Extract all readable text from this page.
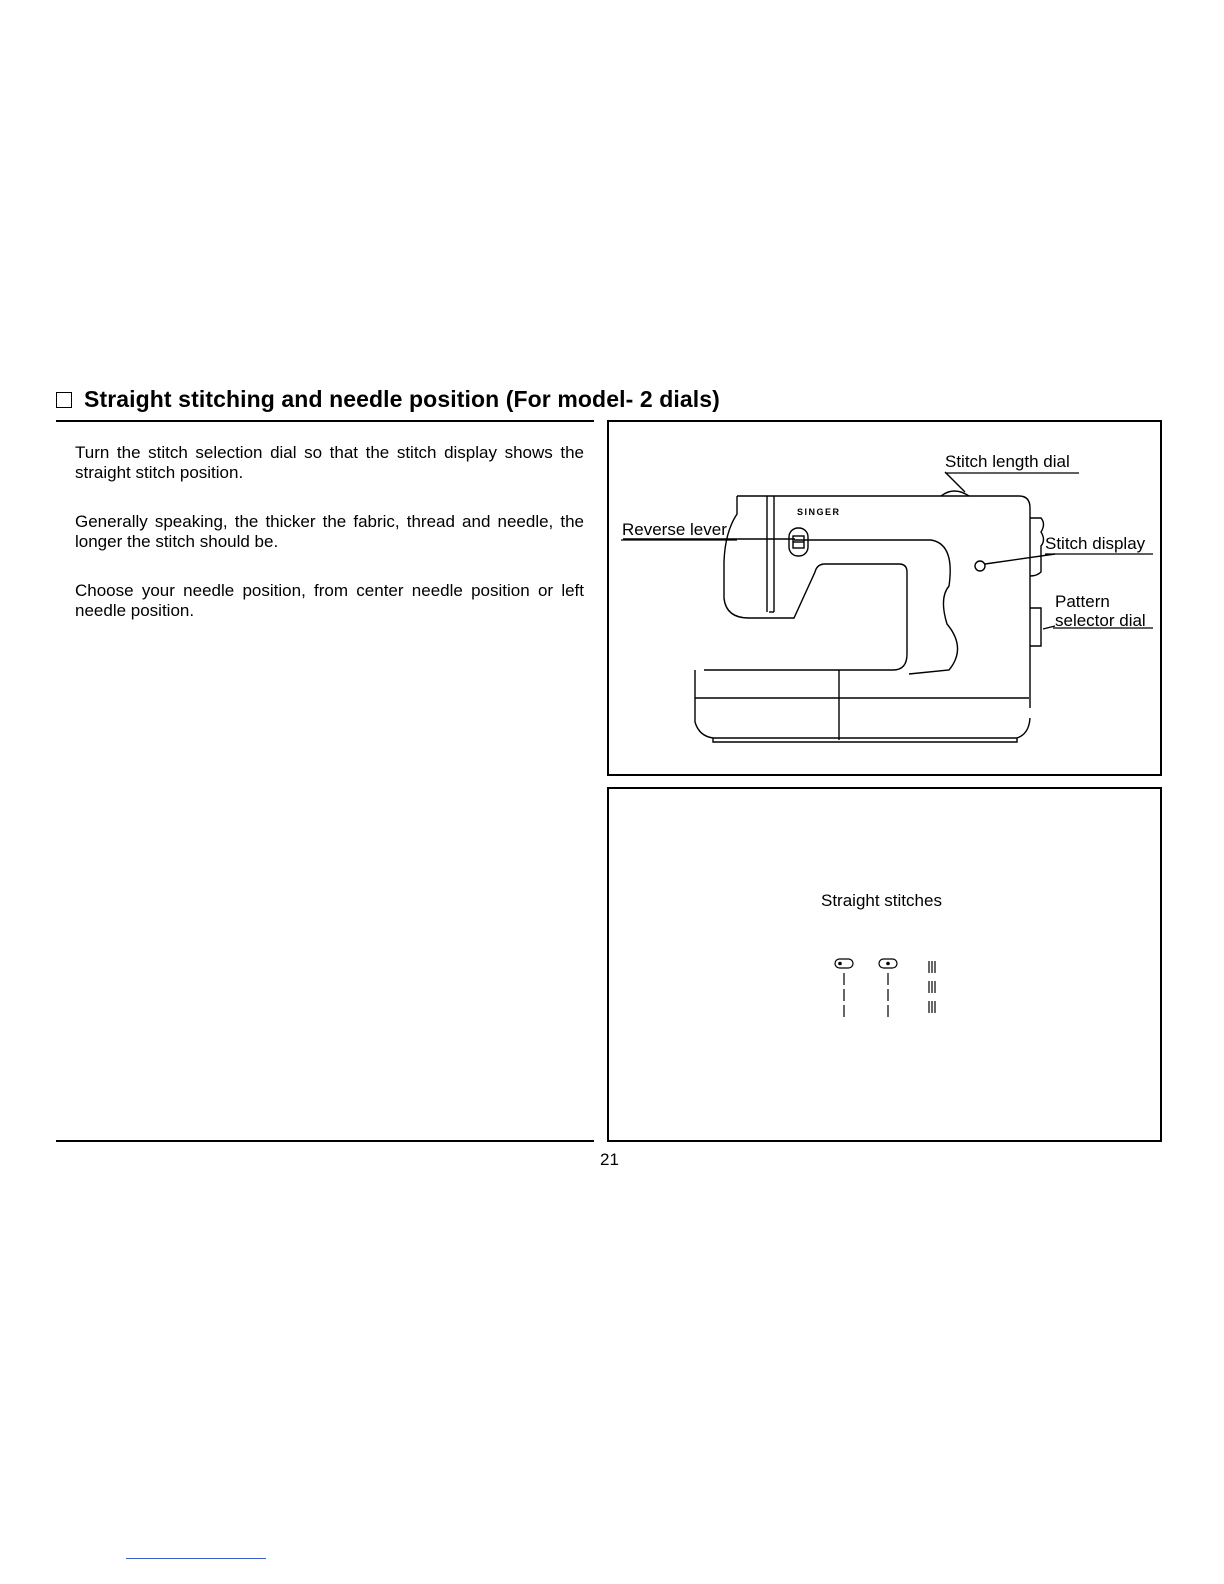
Straight stitching and needle position (For model- 2 dials)
Turn the stitch selection dial so that the stitch display shows the straight stitch position.
Generally speaking, the thicker the fabric, thread and needle, the longer the stitch should be.
Choose your needle position, from center needle position or left needle position.
SINGER
Stitch length dial
Reverse lever
Stitch display
Pattern
selector dial
Straight stitches
21
